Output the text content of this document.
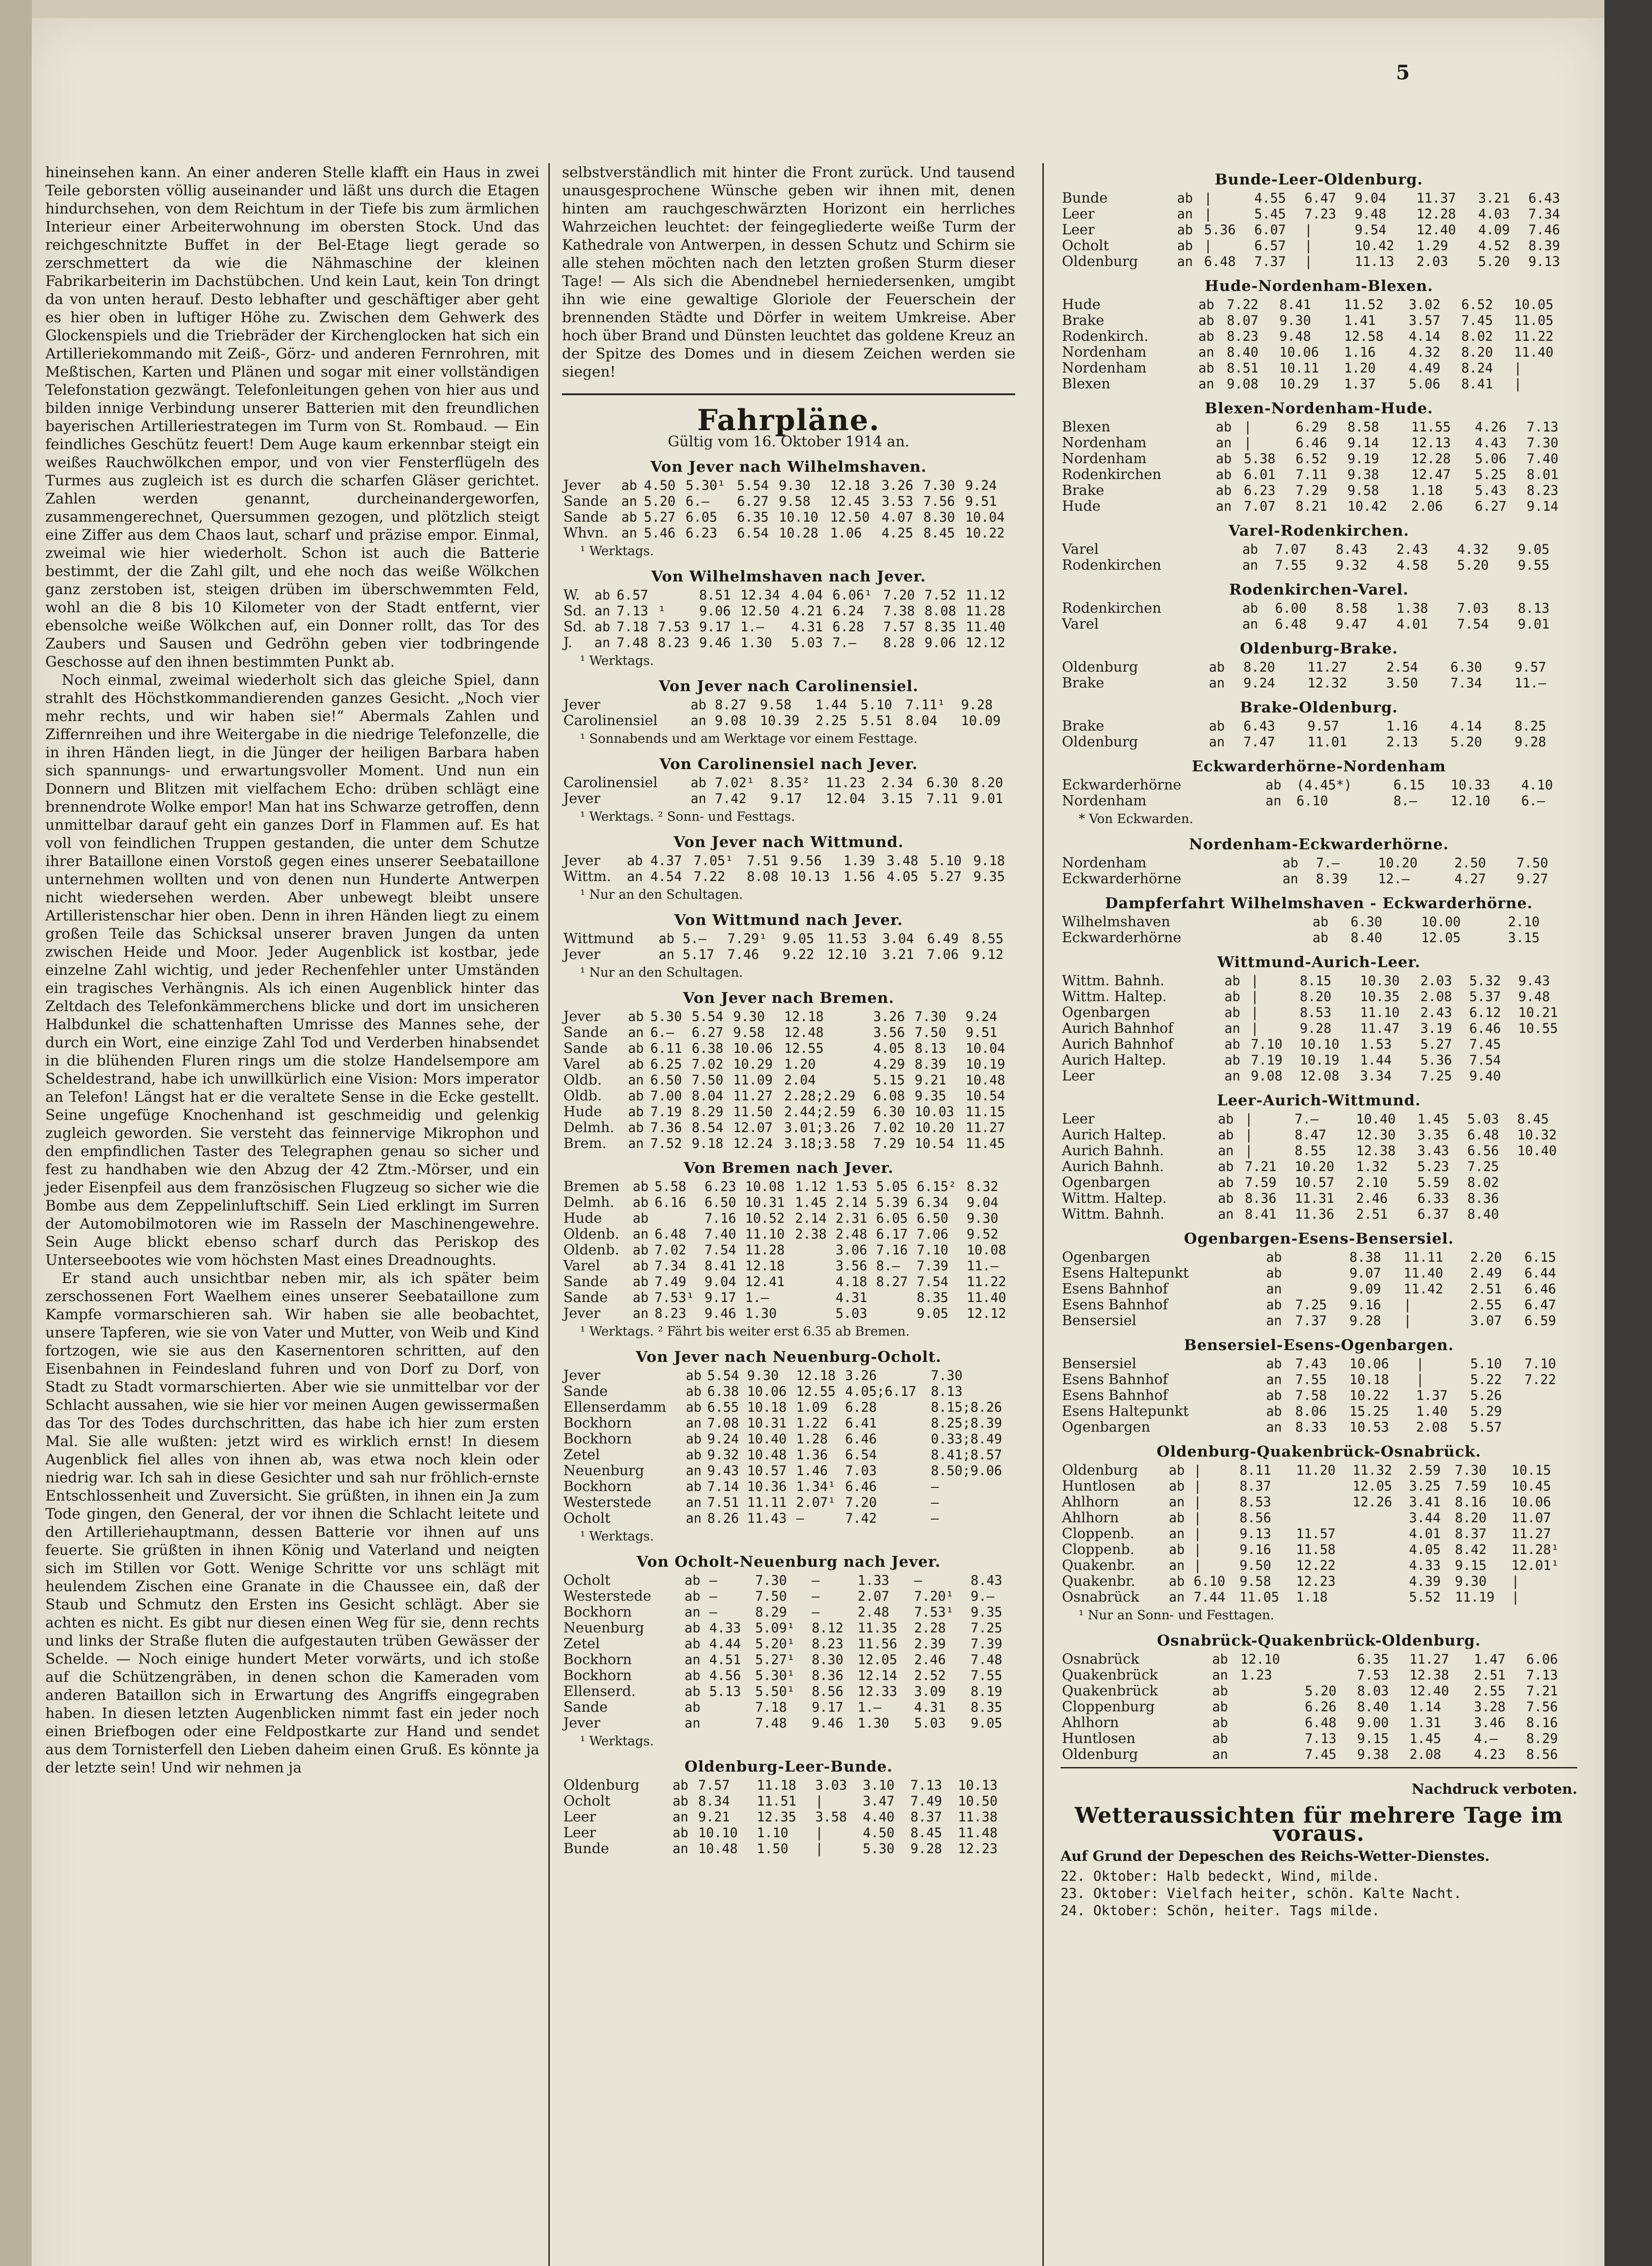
5

hineinsehen kann. An einer anderen Stelle klafft ein Haus in zwei Teile geborsten völlig auseinander und läßt uns durch die Etagen hindurchsehen, von dem Reichtum in der Tiefe bis zum ärmlichen Interieur einer Arbeiterwohnung im obersten Stock. Und das reichgeschnitzte Buffet in der Bel-Etage liegt gerade so zerschmettert da wie die Nähmaschine der kleinen Fabrikarbeiterin im Dachstübchen. Und kein Laut, kein Ton dringt da von unten herauf. Desto lebhafter und geschäftiger aber geht es hier oben in luftiger Höhe zu. Zwischen dem Gehwerk des Glockenspiels und die Triebräder der Kirchenglocken hat sich ein Artilleriekommando mit Zeiß-, Görz- und anderen Fernrohren, mit Meßtischen, Karten und Plänen und sogar mit einer vollständigen Telefonstation gezwängt. Telefonleitungen gehen von hier aus und bilden innige Verbindung unserer Batterien mit den freundlichen bayerischen Artilleriestrategen im Turm von St. Rombaud. — Ein feindliches Geschütz feuert! Dem Auge kaum erkennbar steigt ein weißes Rauchwölkchen empor, und von vier Fensterflügeln des Turmes aus zugleich ist es durch die scharfen Gläser gerichtet. Zahlen werden genannt, durcheinandergeworfen, zusammengerechnet, Quersummen gezogen, und plötzlich steigt eine Ziffer aus dem Chaos laut, scharf und präzise empor. Einmal, zweimal wie hier wiederholt. Schon ist auch die Batterie bestimmt, der die Zahl gilt, und ehe noch das weiße Wölkchen ganz zerstoben ist, steigen drüben im überschwemmten Feld, wohl an die 8 bis 10 Kilometer von der Stadt entfernt, vier ebensolche weiße Wölkchen auf, ein Donner rollt, das Tor des Zaubers und Sausen und Gedröhn geben vier todbringende Geschosse auf den ihnen bestimmten Punkt ab.

Noch einmal, zweimal wiederholt sich das gleiche Spiel, dann strahlt des Höchstkommandierenden ganzes Gesicht. „Noch vier mehr rechts, und wir haben sie!“ Abermals Zahlen und Ziffernreihen und ihre Weitergabe in die niedrige Telefonzelle, die in ihren Händen liegt, in die Jünger der heiligen Barbara haben sich spannungs- und erwartungsvoller Moment. Und nun ein Donnern und Blitzen mit vielfachem Echo: drüben schlägt eine brennendrote Wolke empor! Man hat ins Schwarze getroffen, denn unmittelbar darauf geht ein ganzes Dorf in Flammen auf. Es hat voll von feindlichen Truppen gestanden, die unter dem Schutze ihrer Bataillone einen Vorstoß gegen eines unserer Seebataillone unternehmen wollten und von denen nun Hunderte Antwerpen nicht wiedersehen werden. Aber unbewegt bleibt unsere Artilleristenschar hier oben. Denn in ihren Händen liegt zu einem großen Teile das Schicksal unserer braven Jungen da unten zwischen Heide und Moor. Jeder Augenblick ist kostbar, jede einzelne Zahl wichtig, und jeder Rechenfehler unter Umständen ein tragisches Verhängnis. Als ich einen Augenblick hinter das Zeltdach des Telefonkämmerchens blicke und dort im unsicheren Halbdunkel die schattenhaften Umrisse des Mannes sehe, der durch ein Wort, eine einzige Zahl Tod und Verderben hinabsendet in die blühenden Fluren rings um die stolze Handelsempore am Scheldestrand, habe ich unwillkürlich eine Vision: Mors imperator an Telefon! Längst hat er die veraltete Sense in die Ecke gestellt. Seine ungefüge Knochenhand ist geschmeidig und gelenkig zugleich geworden. Sie versteht das feinnervige Mikrophon und den empfindlichen Taster des Telegraphen genau so sicher und fest zu handhaben wie den Abzug der 42 Ztm.-Mörser, und ein jeder Eisenpfeil aus dem französischen Flugzeug so sicher wie die Bombe aus dem Zeppelinluftschiff. Sein Lied erklingt im Surren der Automobilmotoren wie im Rasseln der Maschinengewehre. Sein Auge blickt ebenso scharf durch das Periskop des Unterseebootes wie vom höchsten Mast eines Dreadnoughts.

Er stand auch unsichtbar neben mir, als ich später beim zerschossenen Fort Waelhem eines unserer Seebataillone zum Kampfe vormarschieren sah. Wir haben sie alle beobachtet, unsere Tapferen, wie sie von Vater und Mutter, von Weib und Kind fortzogen, wie sie aus den Kasernentoren schritten, auf den Eisenbahnen in Feindesland fuhren und von Dorf zu Dorf, von Stadt zu Stadt vormarschierten. Aber wie sie unmittelbar vor der Schlacht aussahen, wie sie hier vor meinen Augen gewissermaßen das Tor des Todes durchschritten, das habe ich hier zum ersten Mal. Sie alle wußten: jetzt wird es wirklich ernst! In diesem Augenblick fiel alles von ihnen ab, was etwa noch klein oder niedrig war. Ich sah in diese Gesichter und sah nur fröhlich-ernste Entschlossenheit und Zuversicht. Sie grüßten, in ihnen ein Ja zum Tode gingen, den General, der vor ihnen die Schlacht leitete und den Artilleriehauptmann, dessen Batterie vor ihnen auf uns feuerte. Sie grüßten in ihnen König und Vaterland und neigten sich im Stillen vor Gott. Wenige Schritte vor uns schlägt mit heulendem Zischen eine Granate in die Chaussee ein, daß der Staub und Schmutz den Ersten ins Gesicht schlägt. Aber sie achten es nicht. Es gibt nur diesen einen Weg für sie, denn rechts und links der Straße fluten die aufgestauten trüben Gewässer der Schelde. — Noch einige hundert Meter vorwärts, und ich stoße auf die Schützengräben, in denen schon die Kameraden vom anderen Bataillon sich in Erwartung des Angriffs eingegraben haben. In diesen letzten Augenblicken nimmt fast ein jeder noch einen Briefbogen oder eine Feldpostkarte zur Hand und sendet aus dem Tornisterfell den Lieben daheim einen Gruß. Es könnte ja der letzte sein! Und wir nehmen ja

selbstverständlich mit hinter die Front zurück. Und tausend unausgesprochene Wünsche geben wir ihnen mit, denen hinten am rauchgeschwärzten Horizont ein herrliches Wahrzeichen leuchtet: der feingegliederte weiße Turm der Kathedrale von Antwerpen, in dessen Schutz und Schirm sie alle stehen möchten nach den letzten großen Sturm dieser Tage! — Als sich die Abendnebel herniedersenken, umgibt ihn wie eine gewaltige Gloriole der Feuerschein der brennenden Städte und Dörfer in weitem Umkreise. Aber hoch über Brand und Dünsten leuchtet das goldene Kreuz an der Spitze des Domes und in diesem Zeichen werden sie siegen!

Fahrpläne.
Gültig vom 16. Oktober 1914 an.
Von Jever nach Wilhelmshaven.
Jever	ab	4.50	5.30¹	5.54	9.30	12.18	3.26	7.30	9.24
Sande	an	5.20	6.—	6.27	9.58	12.45	3.53	7.56	9.51
Sande	ab	5.27	6.05	6.35	10.10	12.50	4.07	8.30	10.04
Whvn.	an	5.46	6.23	6.54	10.28	1.06	4.25	8.45	10.22
¹ Werktags.
Von Wilhelmshaven nach Jever.
W.	ab	6.57		8.51	12.34	4.04	6.06¹	7.20	7.52	11.12
Sd.	an	7.13	¹	9.06	12.50	4.21	6.24	7.38	8.08	11.28
Sd.	ab	7.18	7.53	9.17	1.—	4.31	6.28	7.57	8.35	11.40
J.	an	7.48	8.23	9.46	1.30	5.03	7.—	8.28	9.06	12.12
¹ Werktags.
Von Jever nach Carolinensiel.
Jever	ab	8.27	9.58	1.44	5.10	7.11¹	9.28
Carolinensiel	an	9.08	10.39	2.25	5.51	8.04	10.09
¹ Sonnabends und am Werktage vor einem Festtage.
Von Carolinensiel nach Jever.
Carolinensiel	ab	7.02¹	8.35²	11.23	2.34	6.30	8.20
Jever	an	7.42	9.17	12.04	3.15	7.11	9.01
¹ Werktags. ² Sonn- und Festtags.
Von Jever nach Wittmund.
Jever	ab	4.37	7.05¹	7.51	9.56	1.39	3.48	5.10	9.18
Wittm.	an	4.54	7.22	8.08	10.13	1.56	4.05	5.27	9.35
¹ Nur an den Schultagen.
Von Wittmund nach Jever.
Wittmund	ab	5.—	7.29¹	9.05	11.53	3.04	6.49	8.55
Jever	an	5.17	7.46	9.22	12.10	3.21	7.06	9.12
¹ Nur an den Schultagen.
Von Jever nach Bremen.
Jever	ab	5.30	5.54	9.30	12.18	3.26	7.30	9.24
Sande	an	6.—	6.27	9.58	12.48	3.56	7.50	9.51
Sande	ab	6.11	6.38	10.06	12.55	4.05	8.13	10.04
Varel	ab	6.25	7.02	10.29	1.20	4.29	8.39	10.19
Oldb.	an	6.50	7.50	11.09	2.04	5.15	9.21	10.48
Oldb.	ab	7.00	8.04	11.27	2.28;2.29	6.08	9.35	10.54
Hude	ab	7.19	8.29	11.50	2.44;2.59	6.30	10.03	11.15
Delmh.	ab	7.36	8.54	12.07	3.01;3.26	7.02	10.20	11.27
Brem.	an	7.52	9.18	12.24	3.18;3.58	7.29	10.54	11.45
Von Bremen nach Jever.
Bremen	ab	5.58	6.23	10.08	1.12	1.53	5.05	6.15²	8.32
Delmh.	ab	6.16	6.50	10.31	1.45	2.14	5.39	6.34	9.04
Hude	ab		7.16	10.52	2.14	2.31	6.05	6.50	9.30
Oldenb.	an	6.48	7.40	11.10	2.38	2.48	6.17	7.06	9.52
Oldenb.	ab	7.02	7.54	11.28		3.06	7.16	7.10	10.08
Varel	ab	7.34	8.41	12.18		3.56	8.—	7.39	11.—
Sande	ab	7.49	9.04	12.41		4.18	8.27	7.54	11.22
Sande	ab	7.53¹	9.17	1.—		4.31		8.35	11.40
Jever	an	8.23	9.46	1.30		5.03		9.05	12.12
¹ Werktags. ² Fährt bis weiter erst 6.35 ab Bremen.
Von Jever nach Neuenburg-Ocholt.
Jever	ab	5.54	9.30	12.18	3.26	7.30
Sande	ab	6.38	10.06	12.55	4.05;6.17	8.13
Ellenserdamm	ab	6.55	10.18	1.09	6.28	8.15;8.26
Bockhorn	an	7.08	10.31	1.22	6.41	8.25;8.39

Bockhorn	ab	9.24	10.40	1.28	6.46	0.33;8.49
Zetel	ab	9.32	10.48	1.36	6.54	8.41;8.57
Neuenburg	an	9.43	10.57	1.46	7.03	8.50;9.06

Bockhorn	ab	7.14	10.36	1.34¹	6.46	—
Westerstede	an	7.51	11.11	2.07¹	7.20	—
Ocholt	an	8.26	11.43	—	7.42	—
¹ Werktags.
Von Ocholt-Neuenburg nach Jever.
Ocholt	ab	—	7.30	—	1.33	—	8.43
Westerstede	ab	—	7.50	—	2.07	7.20¹	9.—
Bockhorn	an	—	8.29	—	2.48	7.53¹	9.35

Neuenburg	ab	4.33	5.09¹	8.12	11.35	2.28	7.25
Zetel	ab	4.44	5.20¹	8.23	11.56	2.39	7.39
Bockhorn	an	4.51	5.27¹	8.30	12.05	2.46	7.48

Bockhorn	ab	4.56	5.30¹	8.36	12.14	2.52	7.55
Ellenserd.	ab	5.13	5.50¹	8.56	12.33	3.09	8.19
Sande	ab		7.18	9.17	1.—	4.31	8.35
Jever	an		7.48	9.46	1.30	5.03	9.05
¹ Werktags.
Oldenburg-Leer-Bunde.
Oldenburg	ab	7.57	11.18	3.03	3.10	7.13	10.13
Ocholt	ab	8.34	11.51	|	3.47	7.49	10.50
Leer	an	9.21	12.35	3.58	4.40	8.37	11.38
Leer	ab	10.10	1.10	|	4.50	8.45	11.48
Bunde	an	10.48	1.50	|	5.30	9.28	12.23
Bunde-Leer-Oldenburg.
Bunde	ab	|	4.55	6.47	9.04	11.37	3.21	6.43
Leer	an	|	5.45	7.23	9.48	12.28	4.03	7.34
Leer	ab	5.36	6.07	|	9.54	12.40	4.09	7.46
Ocholt	ab	|	6.57	|	10.42	1.29	4.52	8.39
Oldenburg	an	6.48	7.37	|	11.13	2.03	5.20	9.13
Hude-Nordenham-Blexen.
Hude	ab	7.22	8.41	11.52	3.02	6.52	10.05
Brake	ab	8.07	9.30	1.41	3.57	7.45	11.05
Rodenkirch.	ab	8.23	9.48	12.58	4.14	8.02	11.22
Nordenham	an	8.40	10.06	1.16	4.32	8.20	11.40
Nordenham	ab	8.51	10.11	1.20	4.49	8.24	|
Blexen	an	9.08	10.29	1.37	5.06	8.41	|
Blexen-Nordenham-Hude.
Blexen	ab	|	6.29	8.58	11.55	4.26	7.13
Nordenham	an	|	6.46	9.14	12.13	4.43	7.30
Nordenham	ab	5.38	6.52	9.19	12.28	5.06	7.40
Rodenkirchen	ab	6.01	7.11	9.38	12.47	5.25	8.01
Brake	ab	6.23	7.29	9.58	1.18	5.43	8.23
Hude	an	7.07	8.21	10.42	2.06	6.27	9.14
Varel-Rodenkirchen.
Varel	ab	7.07	8.43	2.43	4.32	9.05
Rodenkirchen	an	7.55	9.32	4.58	5.20	9.55
Rodenkirchen-Varel.
Rodenkirchen	ab	6.00	8.58	1.38	7.03	8.13
Varel	an	6.48	9.47	4.01	7.54	9.01
Oldenburg-Brake.
Oldenburg	ab	8.20	11.27	2.54	6.30	9.57
Brake	an	9.24	12.32	3.50	7.34	11.—
Brake-Oldenburg.
Brake	ab	6.43	9.57	1.16	4.14	8.25
Oldenburg	an	7.47	11.01	2.13	5.20	9.28
Eckwarderhörne-Nordenham
Eckwarderhörne	ab	(4.45*)	6.15	10.33	4.10
Nordenham	an	6.10	8.—	12.10	6.—
* Von Eckwarden.
Nordenham-Eckwarderhörne.
Nordenham	ab	7.—	10.20	2.50	7.50
Eckwarderhörne	an	8.39	12.—	4.27	9.27
Dampferfahrt Wilhelmshaven - Eckwarderhörne.
Wilhelmshaven	ab	6.30	10.00	2.10
Eckwarderhörne	ab	8.40	12.05	3.15
Wittmund-Aurich-Leer.
Wittm. Bahnh.	ab	|	8.15	10.30	2.03	5.32	9.43
Wittm. Haltep.	ab	|	8.20	10.35	2.08	5.37	9.48
Ogenbargen	ab	|	8.53	11.10	2.43	6.12	10.21
Aurich Bahnhof	an	|	9.28	11.47	3.19	6.46	10.55
Aurich Bahnhof	ab	7.10	10.10	1.53	5.27	7.45	
Aurich Haltep.	ab	7.19	10.19	1.44	5.36	7.54	
Leer	an	9.08	12.08	3.34	7.25	9.40	
Leer-Aurich-Wittmund.
Leer	ab	|	7.—	10.40	1.45	5.03	8.45
Aurich Haltep.	ab	|	8.47	12.30	3.35	6.48	10.32
Aurich Bahnh.	an	|	8.55	12.38	3.43	6.56	10.40
Aurich Bahnh.	ab	7.21	10.20	1.32	5.23	7.25	
Ogenbargen	ab	7.59	10.57	2.10	5.59	8.02	
Wittm. Haltep.	ab	8.36	11.31	2.46	6.33	8.36	
Wittm. Bahnh.	an	8.41	11.36	2.51	6.37	8.40	
Ogenbargen-Esens-Bensersiel.
Ogenbargen	ab		8.38	11.11	2.20	6.15
Esens Haltepunkt	ab		9.07	11.40	2.49	6.44
Esens Bahnhof	an		9.09	11.42	2.51	6.46
Esens Bahnhof	ab	7.25	9.16	|	2.55	6.47
Bensersiel	an	7.37	9.28	|	3.07	6.59
Bensersiel-Esens-Ogenbargen.
Bensersiel	ab	7.43	10.06	|	5.10	7.10
Esens Bahnhof	an	7.55	10.18	|	5.22	7.22
Esens Bahnhof	ab	7.58	10.22	1.37	5.26	
Esens Haltepunkt	ab	8.06	15.25	1.40	5.29	
Ogenbargen	an	8.33	10.53	2.08	5.57	
Oldenburg-Quakenbrück-Osnabrück.
Oldenburg	ab	|	8.11	11.20	11.32	2.59	7.30	10.15
Huntlosen	ab	|	8.37		12.05	3.25	7.59	10.45
Ahlhorn	an	|	8.53		12.26	3.41	8.16	10.06
Ahlhorn	ab	|	8.56			3.44	8.20	11.07
Cloppenb.	an	|	9.13	11.57		4.01	8.37	11.27
Cloppenb.	ab	|	9.16	11.58		4.05	8.42	11.28¹
Quakenbr.	an	|	9.50	12.22		4.33	9.15	12.01¹
Quakenbr.	ab	6.10	9.58	12.23		4.39	9.30	|
Osnabrück	an	7.44	11.05	1.18		5.52	11.19	|
¹ Nur an Sonn- und Festtagen.
Osnabrück-Quakenbrück-Oldenburg.
Osnabrück	ab	12.10		6.35	11.27	1.47	6.06
Quakenbrück	an	1.23		7.53	12.38	2.51	7.13
Quakenbrück	ab		5.20	8.03	12.40	2.55	7.21
Cloppenburg	ab		6.26	8.40	1.14	3.28	7.56
Ahlhorn	ab		6.48	9.00	1.31	3.46	8.16
Huntlosen	ab		7.13	9.15	1.45	4.—	8.29
Oldenburg	an		7.45	9.38	2.08	4.23	8.56
Nachdruck verboten.
Wetteraussichten für mehrere Tage im voraus.
Auf Grund der Depeschen des Reichs-Wetter-Dienstes.
22. Oktober: Halb bedeckt, Wind, milde.
23. Oktober: Vielfach heiter, schön. Kalte Nacht.
24. Oktober: Schön, heiter. Tags milde.
